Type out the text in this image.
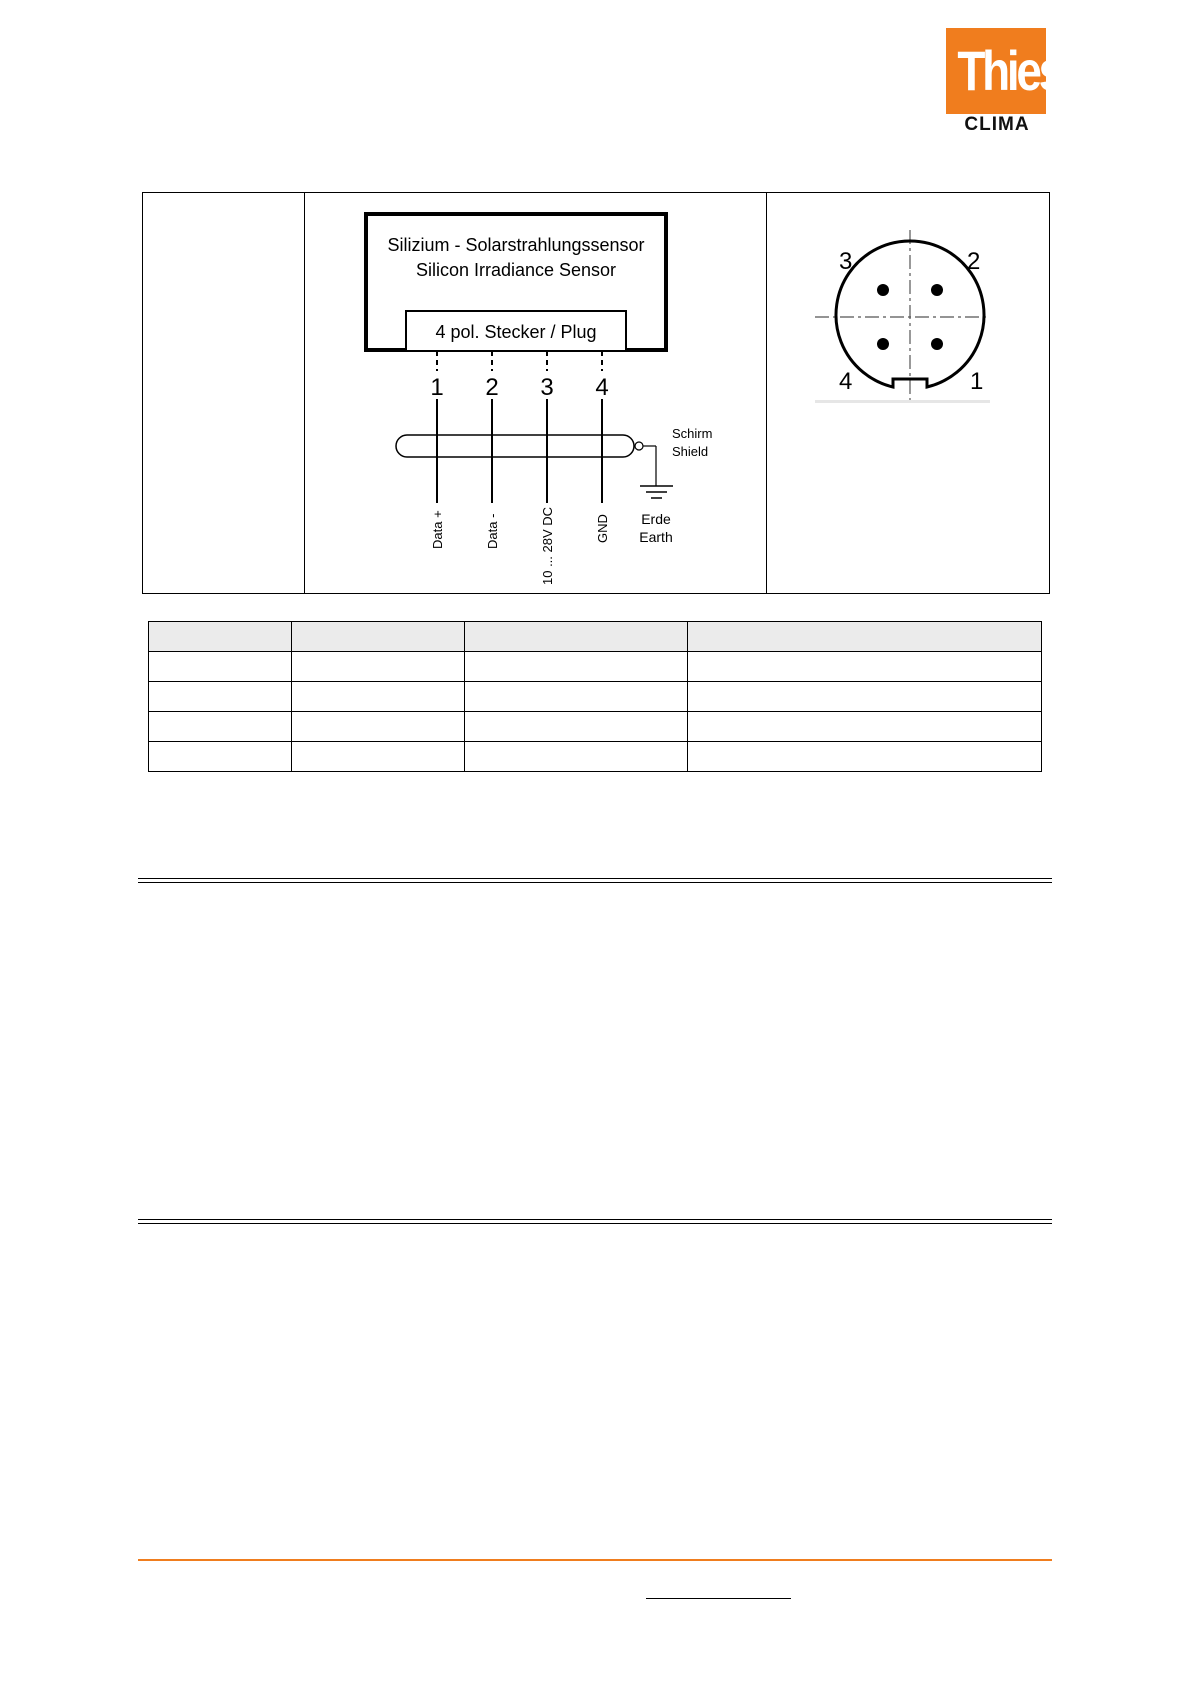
Thies
CLIMA
Silizium - Solarstrahlungssensor
Silicon Irradiance Sensor
4 pol. Stecker / Plug
1 2 3 4
Schirm
Shield
Erde
Earth
Data +	Data -	10 ... 28V DC	GND
3	2
4	1
